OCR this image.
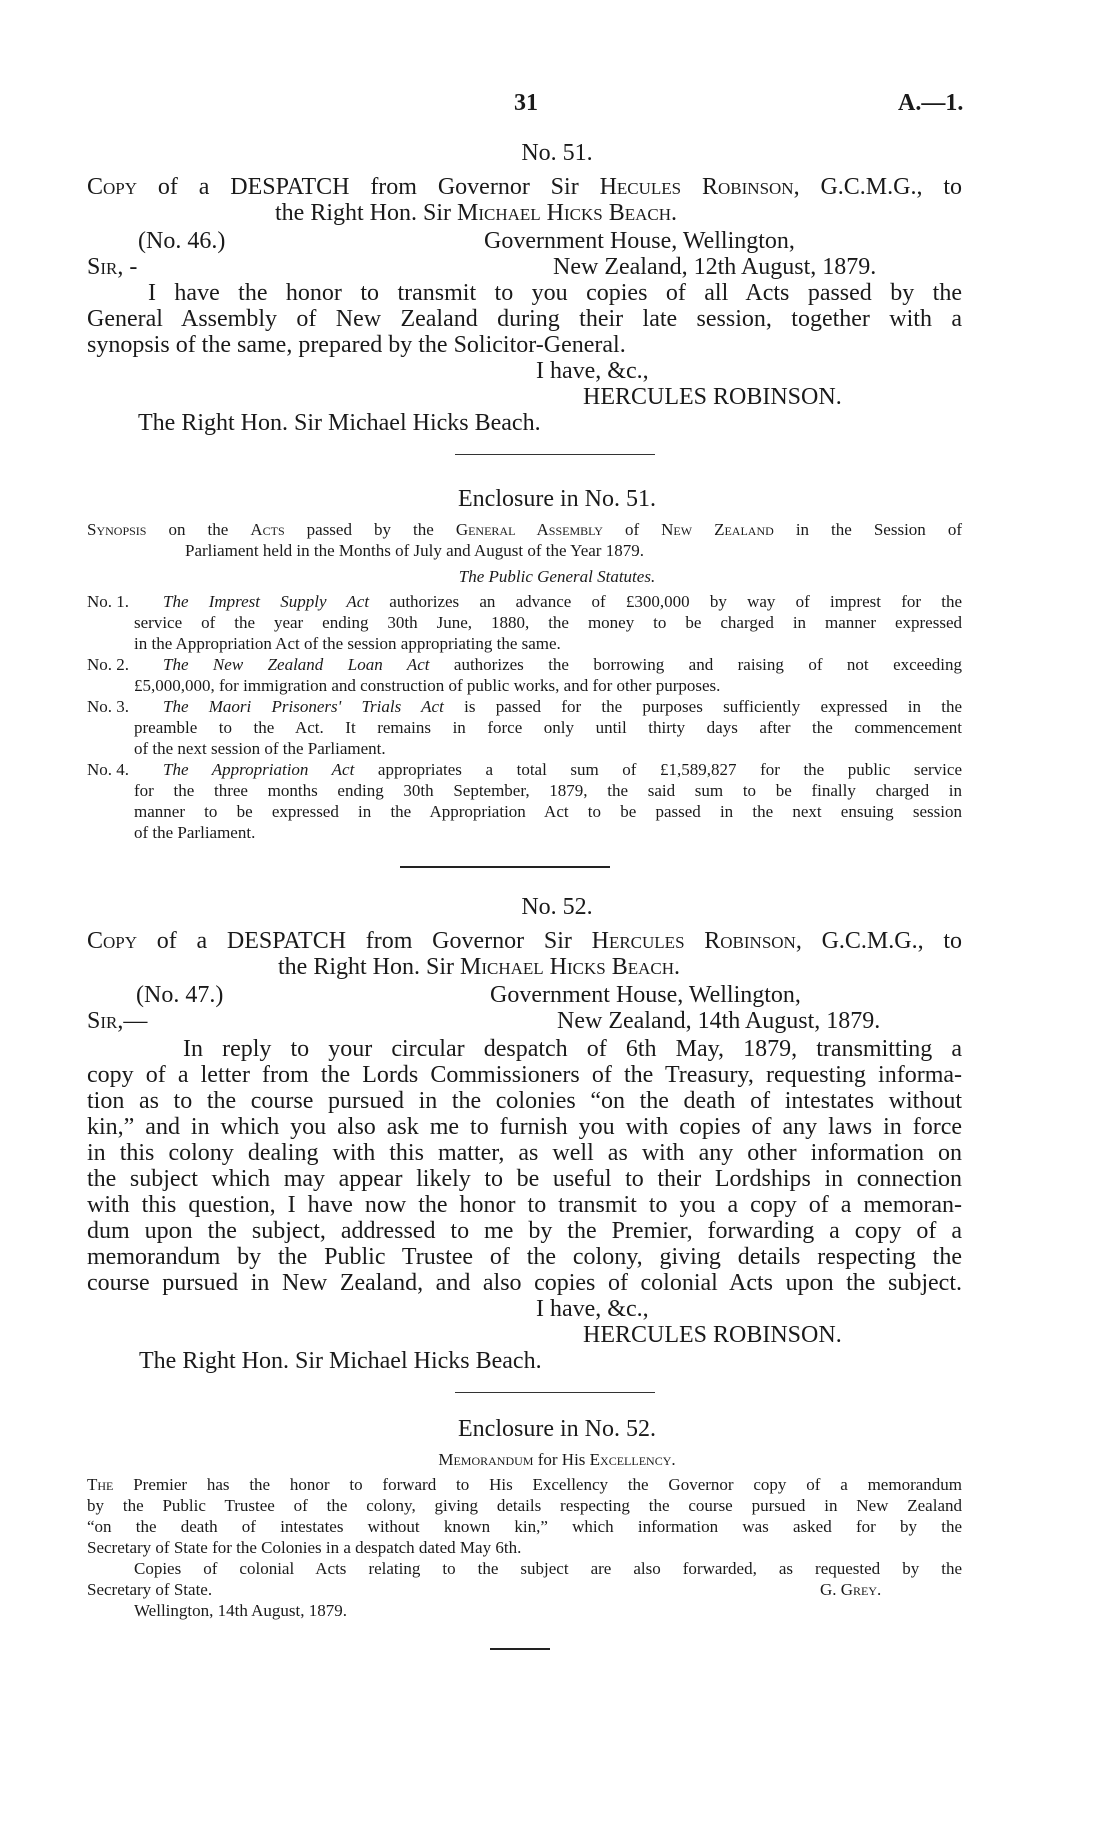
31	A.—1.
No. 51.
Copy of a DESPATCH from Governor Sir Hecules Robinson, G.C.M.G., to
the Right Hon. Sir Michael Hicks Beach.
(No. 46.)	Government House, Wellington,
Sir, -	New Zealand, 12th August, 1879.
I have the honor to transmit to you copies of all Acts passed by the
General Assembly of New Zealand during their late session, together with a
synopsis of the same, prepared by the Solicitor-General.
I have, &c.,
HERCULES ROBINSON.
The Right Hon. Sir Michael Hicks Beach.
Enclosure in No. 51.
Synopsis on the Acts passed by the General Assembly of New Zealand in the Session of
Parliament held in the Months of July and August of the Year 1879.
The Public General Statutes.
No. 1. The Imprest Supply Act authorizes an advance of £300,000 by way of imprest for the
service of the year ending 30th June, 1880, the money to be charged in manner expressed
in the Appropriation Act of the session appropriating the same.
No. 2. The New Zealand Loan Act authorizes the borrowing and raising of not exceeding
£5,000,000, for immigration and construction of public works, and for other purposes.
No. 3. The Maori Prisoners' Trials Act is passed for the purposes sufficiently expressed in the
preamble to the Act. It remains in force only until thirty days after the commencement
of the next session of the Parliament.
No. 4. The Appropriation Act appropriates a total sum of £1,589,827 for the public service
for the three months ending 30th September, 1879, the said sum to be finally charged in
manner to be expressed in the Appropriation Act to be passed in the next ensuing session
of the Parliament.
No. 52.
Copy of a DESPATCH from Governor Sir Hercules Robinson, G.C.M.G., to
the Right Hon. Sir Michael Hicks Beach.
(No. 47.)	Government House, Wellington,
Sir,—	New Zealand, 14th August, 1879.
In reply to your circular despatch of 6th May, 1879, transmitting a
copy of a letter from the Lords Commissioners of the Treasury, requesting informa-
tion as to the course pursued in the colonies “on the death of intestates without
kin,” and in which you also ask me to furnish you with copies of any laws in force
in this colony dealing with this matter, as well as with any other information on
the subject which may appear likely to be useful to their Lordships in connection
with this question, I have now the honor to transmit to you a copy of a memoran-
dum upon the subject, addressed to me by the Premier, forwarding a copy of a
memorandum by the Public Trustee of the colony, giving details respecting the
course pursued in New Zealand, and also copies of colonial Acts upon the subject.
I have, &c.,
HERCULES ROBINSON.
The Right Hon. Sir Michael Hicks Beach.
Enclosure in No. 52.
Memorandum for His Excellency.
The Premier has the honor to forward to His Excellency the Governor copy of a memorandum
by the Public Trustee of the colony, giving details respecting the course pursued in New Zealand
“on the death of intestates without known kin,” which information was asked for by the
Secretary of State for the Colonies in a despatch dated May 6th.
Copies of colonial Acts relating to the subject are also forwarded, as requested by the
Secretary of State.	G. Grey.
Wellington, 14th August, 1879.
